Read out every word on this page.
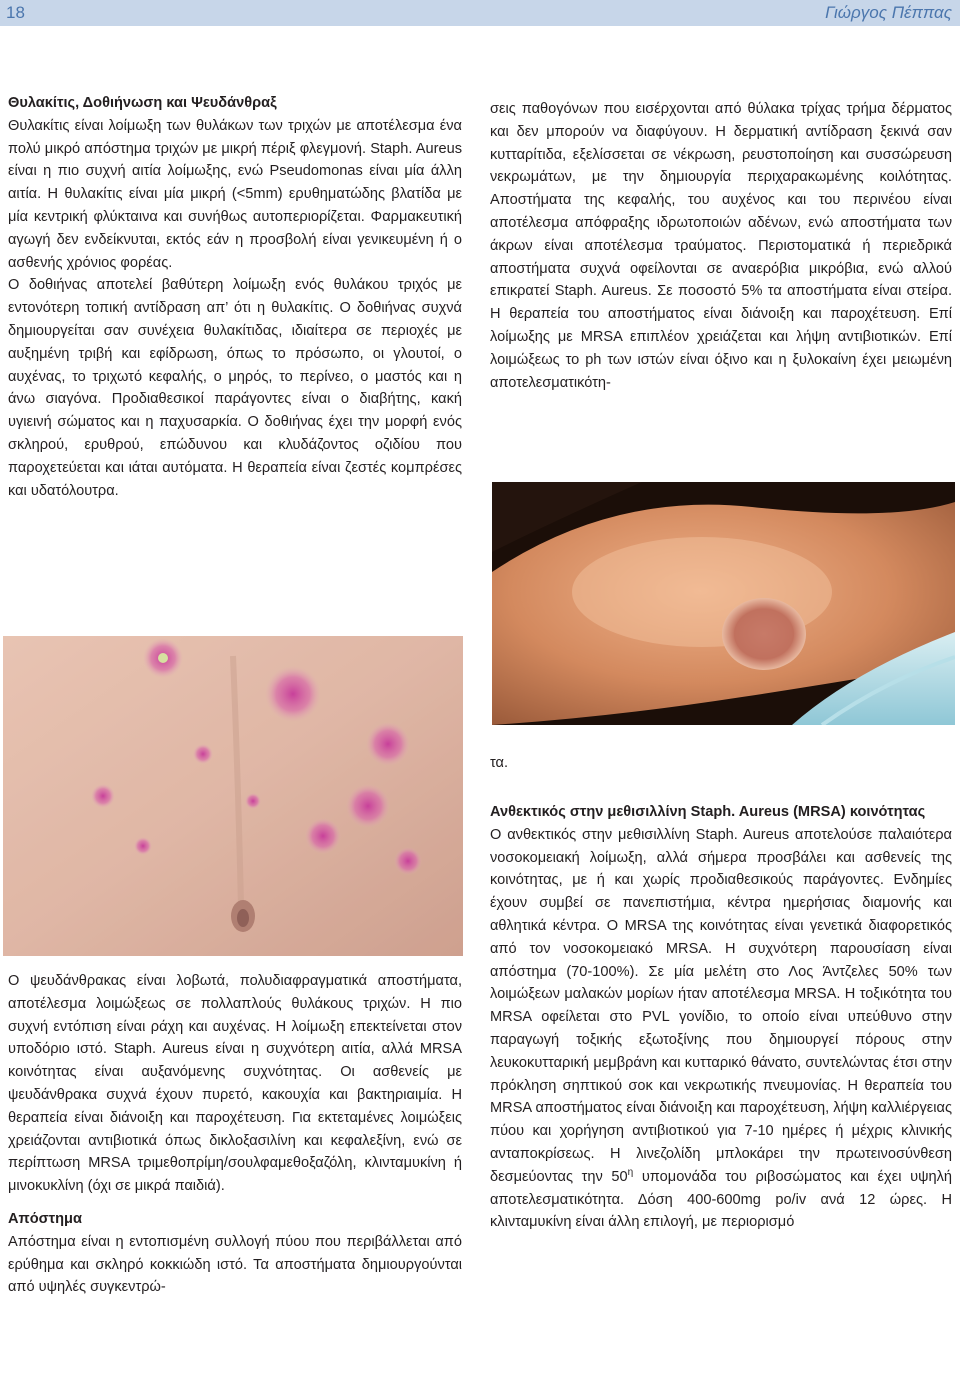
18	Γιώργος Πέππας
Θυλακίτις, Δοθιήνωση και Ψευδάνθραξ

Θυλακίτις είναι λοίμωξη των θυλάκων των τριχών με αποτέλεσμα ένα πολύ μικρό απόστημα τριχών με μικρή πέριξ φλεγμονή. Staph. Aureus είναι η πιο συχνή αιτία λοίμωξης, ενώ Pseudomonas είναι μία άλλη αιτία. Η θυλακίτις είναι μία μικρή (<5mm) ερυθηματώδης βλατίδα με μία κεντρική φλύκταινα και συνήθως αυτοπεριορίζεται. Φαρμακευτική αγωγή δεν ενδείκνυται, εκτός εάν η προσβολή είναι γενικευμένη ή ο ασθενής χρόνιος φορέας.

Ο δοθιήνας αποτελεί βαθύτερη λοίμωξη ενός θυλάκου τριχός με εντονότερη τοπική αντίδραση απ’ ότι η θυλακίτις. Ο δοθιήνας συχνά δημιουργείται σαν συνέχεια θυλακίτιδας, ιδιαίτερα σε περιοχές με αυξημένη τριβή και εφίδρωση, όπως το πρόσωπο, οι γλουτοί, ο αυχένας, το τριχωτό κεφαλής, ο μηρός, το περίνεο, ο μαστός και η άνω σιαγόνα. Προδιαθεσικοί παράγοντες είναι ο διαβήτης, κακή υγιεινή σώματος και η παχυσαρκία. Ο δοθιήνας έχει την μορφή ενός σκληρού, ερυθρού, επώδυνου και κλυδάζοντος οζιδίου που παροχετεύεται και ιάται αυτόματα. Η θεραπεία είναι ζεστές κομπρέσες και υδατόλουτρα.

σεις παθογόνων που εισέρχονται από θύλακα τρίχας τρήμα δέρματος και δεν μπορούν να διαφύγουν. Η δερματική αντίδραση ξεκινά σαν κυτταρίτιδα, εξελίσσεται σε νέκρωση, ρευστοποίηση και συσσώρευση νεκρωμάτων, με την δημιουργία περιχαρακωμένης κοιλότητας. Αποστήματα της κεφαλής, του αυχένος και του περινέου είναι αποτέλεσμα απόφραξης ιδρωτοποιών αδένων, ενώ αποστήματα των άκρων είναι αποτέλεσμα τραύματος. Περιστοματικά ή περιεδρικά αποστήματα συχνά οφείλονται σε αναερόβια μικρόβια, ενώ αλλού επικρατεί Staph. Aureus. Σε ποσοστό 5% τα αποστήματα είναι στείρα. Η θεραπεία του αποστήματος είναι διάνοιξη και παροχέτευση. Επί λοίμωξης με MRSA επιπλέον χρειάζεται και λήψη αντιβιοτικών. Επί λοιμώξεως το ph των ιστών είναι όξινο και η ξυλοκαίνη έχει μειωμένη αποτελεσματικότη-

τα.

Ο ψευδάνθρακας είναι λοβωτά, πολυδιαφραγματικά αποστήματα, αποτέλεσμα λοιμώξεως σε πολλαπλούς θυλάκους τριχών. Η πιο συχνή εντόπιση είναι ράχη και αυχένας. Η λοίμωξη επεκτείνεται στον υποδόριο ιστό. Staph. Aureus είναι η συχνότερη αιτία, αλλά MRSA κοινότητας είναι αυξανόμενης συχνότητας. Οι ασθενείς με ψευδάνθρακα συχνά έχουν πυρετό, κακουχία και βακτηριαιμία. Η θεραπεία είναι διάνοιξη και παροχέτευση. Για εκτεταμένες λοιμώξεις χρειάζονται αντιβιοτικά όπως δικλοξασιλίνη και κεφαλεξίνη, ενώ σε περίπτωση MRSA τριμεθοπρίμη/σουλφαμεθοξαζόλη, κλινταμυκίνη ή μινοκυκλίνη (όχι σε μικρά παιδιά).

Απόστημα

Απόστημα είναι η εντοπισμένη συλλογή πύου που περιβάλλεται από ερύθημα και σκληρό κοκκιώδη ιστό. Τα αποστήματα δημιουργούνται από υψηλές συγκεντρώ-

Ανθεκτικός στην μεθισιλλίνη Staph. Aureus (MRSA) κοινότητας

Ο ανθεκτικός στην μεθισιλλίνη Staph. Aureus αποτελούσε παλαιότερα νοσοκομειακή λοίμωξη, αλλά σήμερα προσβάλει και ασθενείς της κοινότητας, με ή και χωρίς προδιαθεσικούς παράγοντες. Ενδημίες έχουν συμβεί σε πανεπιστήμια, κέντρα ημερήσιας διαμονής και αθλητικά κέντρα. Ο MRSA της κοινότητας είναι γενετικά διαφορετικός από τον νοσοκομειακό MRSA. Η συχνότερη παρουσίαση είναι απόστημα (70-100%). Σε μία μελέτη στο Λος Άντζελες 50% των λοιμώξεων μαλακών μορίων ήταν αποτέλεσμα MRSA. Η τοξικότητα του MRSA οφείλεται στο PVL γονίδιο, το οποίο είναι υπεύθυνο στην παραγωγή τοξικής εξωτοξίνης που δημιουργεί πόρους στην λευκοκυτταρική μεμβράνη και κυτταρικό θάνατο, συντελώντας έτσι στην πρόκληση σηπτικού σοκ και νεκρωτικής πνευμονίας. Η θεραπεία του MRSA αποστήματος είναι διάνοιξη και παροχέτευση, λήψη καλλιέργειας πύου και χορήγηση αντιβιοτικού για 7-10 ημέρες ή μέχρις κλινικής ανταποκρίσεως. Η λινεζολίδη μπλοκάρει την πρωτεινοσύνθεση δεσμεύοντας την $50^\eta$ υπομονάδα του ριβοσώματος και έχει υψηλή αποτελεσματικότητα. Δόση 400-600mg po/iv ανά 12 ώρες. Η κλινταμυκίνη είναι άλλη επιλογή, με περιορισμό
